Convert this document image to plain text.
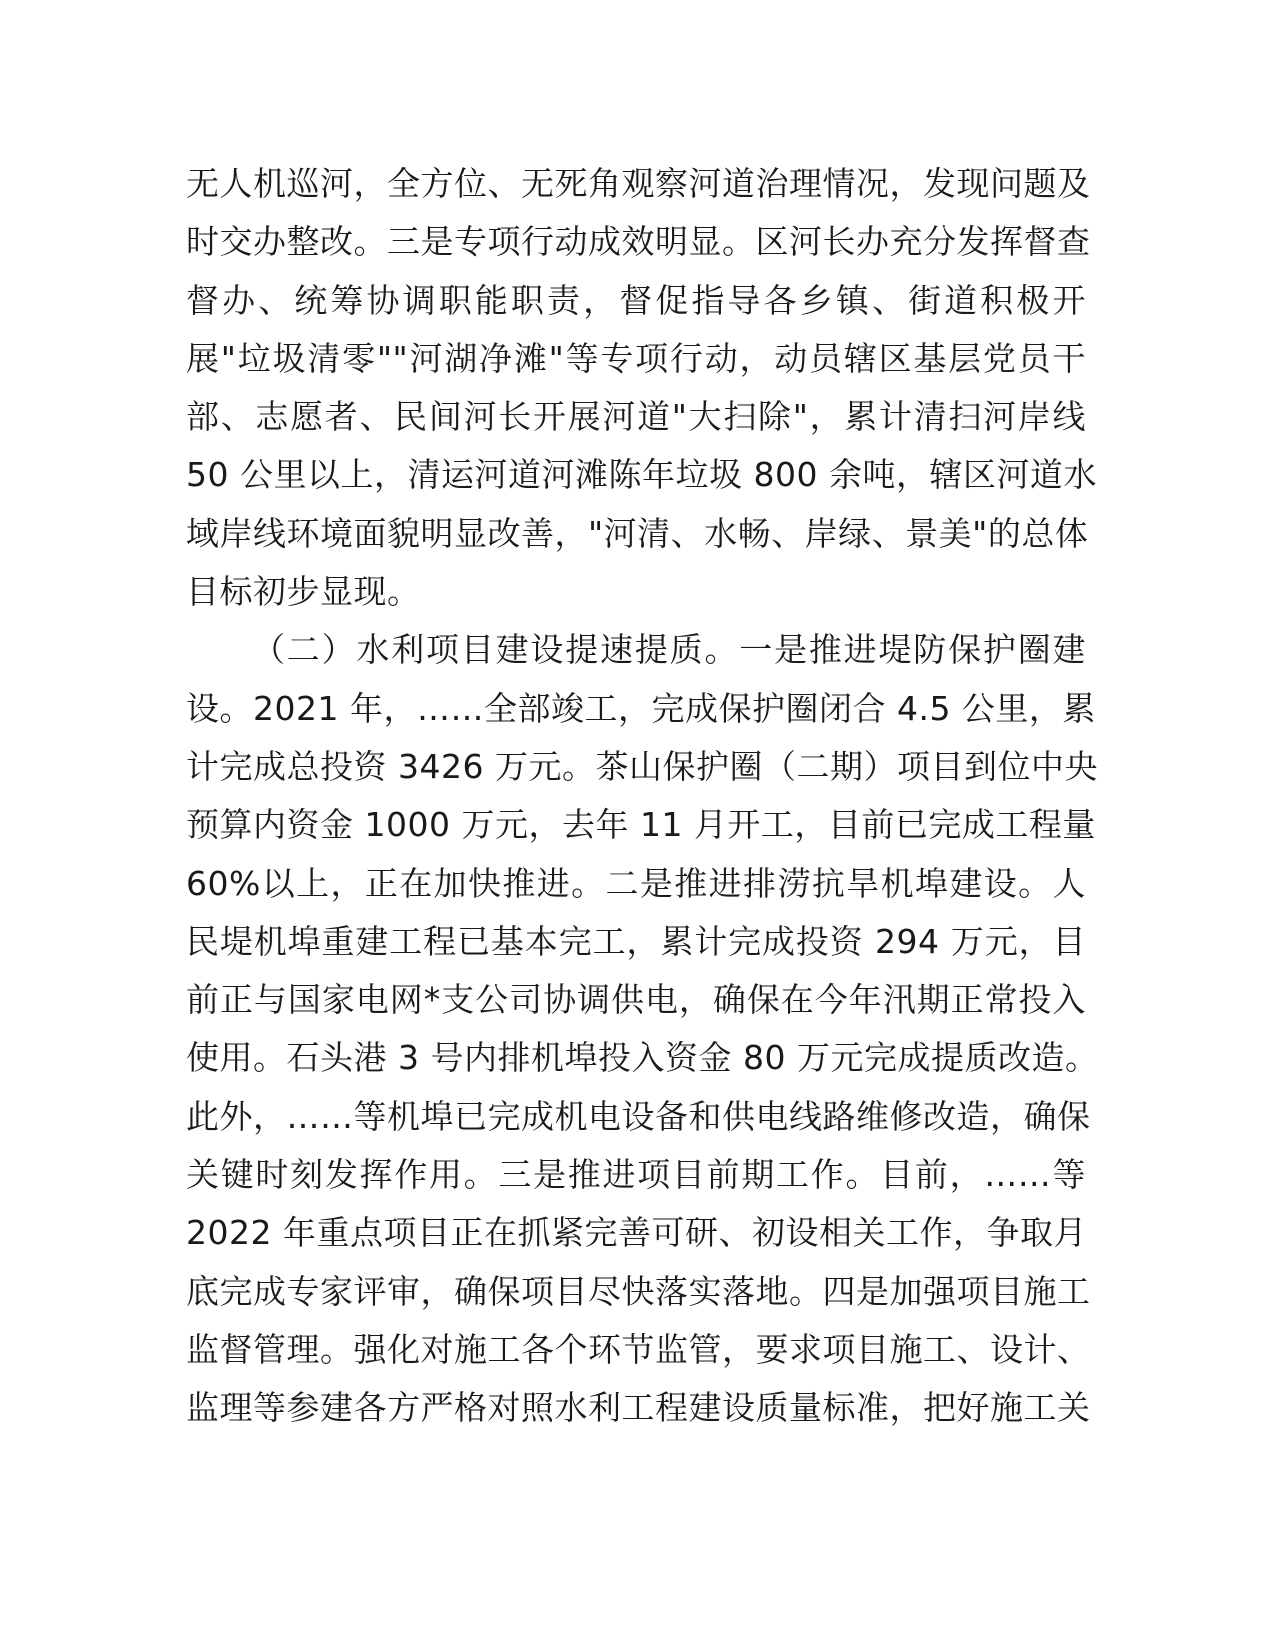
无人机巡河，全方位、无死角观察河道治理情况，发现问题及
时交办整改。三是专项行动成效明显。区河长办充分发挥督查
督办、统筹协调职能职责，督促指导各乡镇、街道积极开
展"垃圾清零""河湖净滩"等专项行动，动员辖区基层党员干
部、志愿者、民间河长开展河道"大扫除"，累计清扫河岸线
50 公里以上，清运河道河滩陈年垃圾 800 余吨，辖区河道水
域岸线环境面貌明显改善，"河清、水畅、岸绿、景美"的总体
目标初步显现。
（二）水利项目建设提速提质。一是推进堤防保护圈建
设。2021 年，……全部竣工，完成保护圈闭合 4.5 公里，累
计完成总投资 3426 万元。茶山保护圈（二期）项目到位中央
预算内资金 1000 万元，去年 11 月开工，目前已完成工程量
60%以上，正在加快推进。二是推进排涝抗旱机埠建设。人
民堤机埠重建工程已基本完工，累计完成投资 294 万元，目
前正与国家电网*支公司协调供电，确保在今年汛期正常投入
使用。石头港 3 号内排机埠投入资金 80 万元完成提质改造。
此外，……等机埠已完成机电设备和供电线路维修改造，确保
关键时刻发挥作用。三是推进项目前期工作。目前，……等
2022 年重点项目正在抓紧完善可研、初设相关工作，争取月
底完成专家评审，确保项目尽快落实落地。四是加强项目施工
监督管理。强化对施工各个环节监管，要求项目施工、设计、
监理等参建各方严格对照水利工程建设质量标准，把好施工关
